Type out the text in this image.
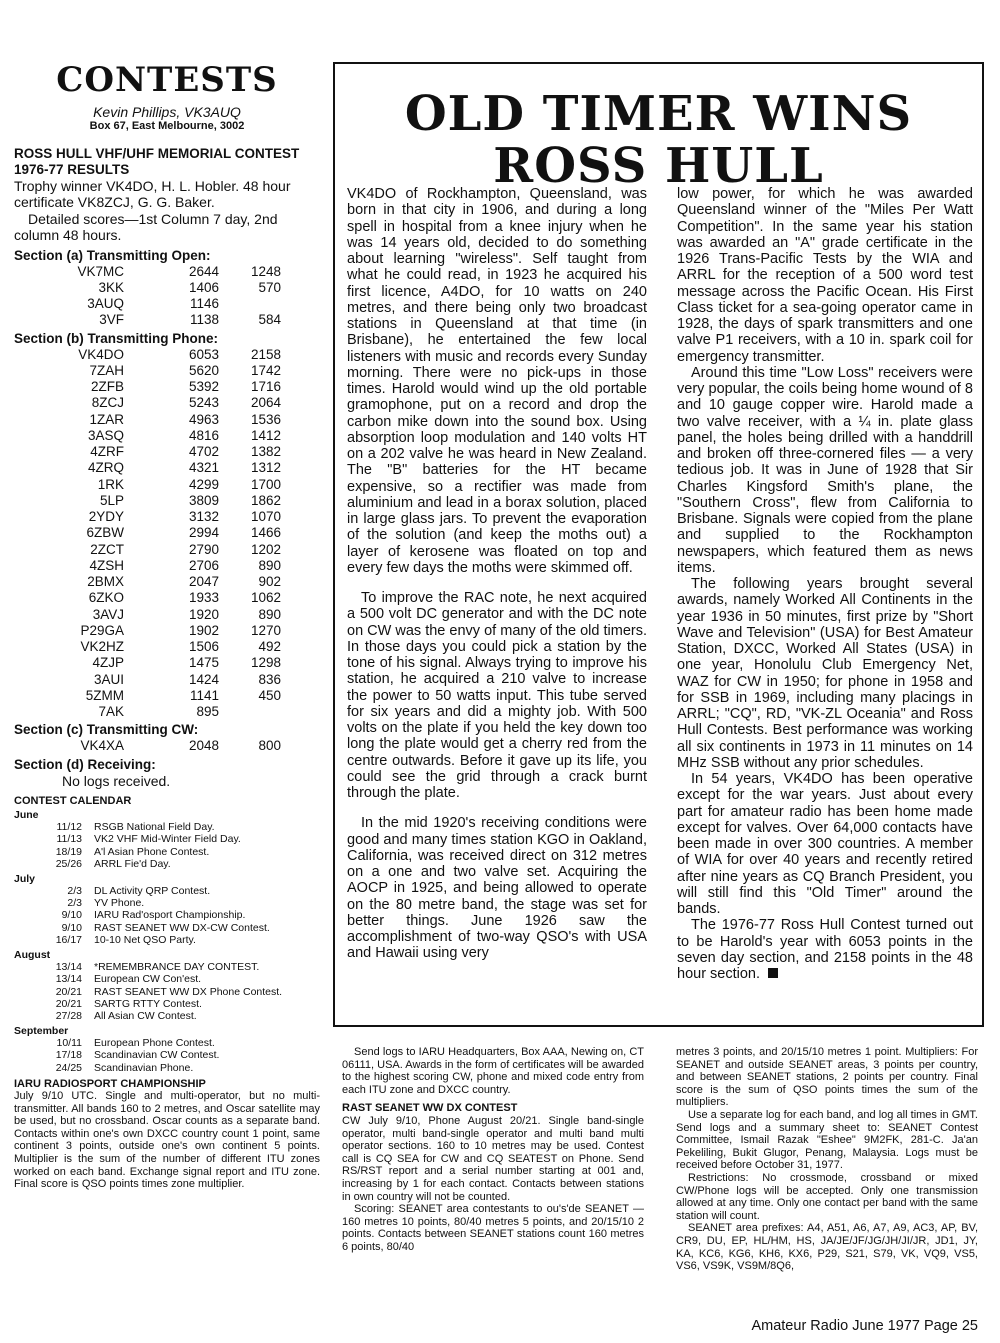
CONTESTS
Kevin Phillips, VK3AUQ
Box 67, East Melbourne, 3002
ROSS HULL VHF/UHF MEMORIAL CONTEST 1976-77 RESULTS
Trophy winner VK4DO, H. L. Hobler. 48 hour certificate VK8ZCJ, G. G. Baker.
Detailed scores—1st Column 7 day, 2nd column 48 hours.
Section (a) Transmitting Open:
VK7MC	2644	1248
3KK	1406	570
3AUQ	1146
3VF	1138	584
Section (b) Transmitting Phone:
VK4DO	6053	2158
7ZAH	5620	1742
2ZFB	5392	1716
8ZCJ	5243	2064
1ZAR	4963	1536
3ASQ	4816	1412
4ZRF	4702	1382
4ZRQ	4321	1312
1RK	4299	1700
5LP	3809	1862
2YDY	3132	1070
6ZBW	2994	1466
2ZCT	2790	1202
4ZSH	2706	890
2BMX	2047	902
6ZKO	1933	1062
3AVJ	1920	890
P29GA	1902	1270
VK2HZ	1506	492
4ZJP	1475	1298
3AUI	1424	836
5ZMM	1141	450
7AK	895
Section (c) Transmitting CW:
VK4XA	2048	800
Section (d) Receiving:
No logs received.
CONTEST CALENDAR
June
11/12	RSGB National Field Day.
11/13	VK2 VHF Mid-Winter Field Day.
18/19	A'l Asian Phone Contest.
25/26	ARRL Fie'd Day.
July
2/3	DL Activity QRP Contest.
2/3	YV Phone.
9/10	IARU Rad'osport Championship.
9/10	RAST SEANET WW DX-CW Contest.
16/17	10-10 Net QSO Party.
August
13/14	*REMEMBRANCE DAY CONTEST.
13/14	European CW Con'est.
20/21	RAST SEANET WW DX Phone Contest.
20/21	SARTG RTTY Contest.
27/28	All Asian CW Contest.
September
10/11	European Phone Contest.
17/18	Scandinavian CW Contest.
24/25	Scandinavian Phone.
IARU RADIOSPORT CHAMPIONSHIP
July 9/10 UTC. Single and multi-operator, but no multi-transmitter. All bands 160 to 2 metres, and Oscar satellite may be used, but no crossband. Oscar counts as a separate band. Contacts within one's own DXCC country count 1 point, same continent 3 points, outside one's own continent 5 points. Multiplier is the sum of the number of different ITU zones worked on each band. Exchange signal report and ITU zone. Final score is QSO points times zone multiplier.
OLD TIMER WINS
ROSS HULL

VK4DO of Rockhampton, Queensland, was born in that city in 1906, and during a long spell in hospital from a knee injury when he was 14 years old, decided to do something about learning "wireless". Self taught from what he could read, in 1923 he acquired his first licence, A4DO, for 10 watts on 240 metres, and there being only two broadcast stations in Queensland at that time (in Brisbane), he entertained the few local listeners with music and records every Sunday morning. There were no pick-ups in those times. Harold would wind up the old portable gramophone, put on a record and drop the carbon mike down into the sound box. Using absorption loop modulation and 140 volts HT on a 202 valve he was heard in New Zealand. The "B" batteries for the HT became expensive, so a rectifier was made from aluminium and lead in a borax solution, placed in large glass jars. To prevent the evaporation of the solution (and keep the moths out) a layer of kerosene was floated on top and every few days the moths were skimmed off.

To improve the RAC note, he next acquired a 500 volt DC generator and with the DC note on CW was the envy of many of the old timers. In those days you could pick a station by the tone of his signal. Always trying to improve his station, he acquired a 210 valve to increase the power to 50 watts input. This tube served for six years and did a mighty job. With 500 volts on the plate if you held the key down too long the plate would get a cherry red from the centre outwards. Before it gave up its life, you could see the grid through a crack burnt through the plate.

In the mid 1920's receiving conditions were good and many times station KGO in Oakland, California, was received direct on 312 metres on a one and two valve set. Acquiring the AOCP in 1925, and being allowed to operate on the 80 metre band, the stage was set for better things. June 1926 saw the accomplishment of two-way QSO's with USA and Hawaii using very

low power, for which he was awarded Queensland winner of the "Miles Per Watt Competition". In the same year his station was awarded an "A" grade certificate in the 1926 Trans-Pacific Tests by the WIA and ARRL for the reception of a 500 word test message across the Pacific Ocean. His First Class ticket for a sea-going operator came in 1928, the days of spark transmitters and one valve P1 receivers, with a 10 in. spark coil for emergency transmitter.

Around this time "Low Loss" receivers were very popular, the coils being home wound of 8 and 10 gauge copper wire. Harold made a two valve receiver, with a ¼ in. plate glass panel, the holes being drilled with a handdrill and broken off three-cornered files — a very tedious job. It was in June of 1928 that Sir Charles Kingsford Smith's plane, the "Southern Cross", flew from California to Brisbane. Signals were copied from the plane and supplied to the Rockhampton newspapers, which featured them as news items.

The following years brought several awards, namely Worked All Continents in the year 1936 in 50 minutes, first prize by "Short Wave and Television" (USA) for Best Amateur Station, DXCC, Worked All States (USA) in one year, Honolulu Club Emergency Net, WAZ for CW in 1950; for phone in 1958 and for SSB in 1969, including many placings in ARRL; "CQ", RD, "VK-ZL Oceania" and Ross Hull Contests. Best performance was working all six continents in 1973 in 11 minutes on 14 MHz SSB without any prior schedules.

In 54 years, VK4DO has been operative except for the war years. Just about every part for amateur radio has been home made except for valves. Over 64,000 contacts have been made in over 300 countries. A member of WIA for over 40 years and recently retired after nine years as CQ Branch President, you will still find this "Old Timer" around the bands.

The 1976-77 Ross Hull Contest turned out to be Harold's year with 6053 points in the seven day section, and 2158 points in the 48 hour section.

Send logs to IARU Headquarters, Box AAA, Newing on, CT 06111, USA. Awards in the form of certificates will be awarded to the highest scoring CW, phone and mixed code entry from each ITU zone and DXCC country.

RAST SEANET WW DX CONTEST

CW July 9/10, Phone August 20/21. Single band-single operator, multi band-single operator and multi band multi operator sections. 160 to 10 metres may be used. Contest call is CQ SEA for CW and CQ SEATEST on Phone. Send RS/RST report and a serial number starting at 001 and, increasing by 1 for each contact. Contacts between stations in own country will not be counted.

Scoring: SEANET area contestants to ou's'de SEANET — 160 metres 10 points, 80/40 metres 5 points, and 20/15/10 2 points. Contacts between SEANET stations count 160 metres 6 points, 80/40

metres 3 points, and 20/15/10 metres 1 point. Multipliers: For SEANET and outside SEANET areas, 3 points per country, and between SEANET stations, 2 points per country. Final score is the sum of QSO points times the sum of the multipliers.

Use a separate log for each band, and log all times in GMT. Send logs and a summary sheet to: SEANET Contest Committee, Ismail Razak "Eshee" 9M2FK, 281-C. Ja'an Pekeliling, Bukit Glugor, Penang, Malaysia. Logs must be received before October 31, 1977.

Restrictions: No crossmode, crossband or mixed CW/Phone logs will be accepted. Only one transmission allowed at any time. Only one contact per band with the same station will count.

SEANET area prefixes: A4, A51, A6, A7, A9, AC3, AP, BV, CR9, DU, EP, HL/HM, HS, JA/JE/JF/JG/JH/JI/JR, JD1, JY, KA, KC6, KG6, KH6, KX6, P29, S21, S79, VK, VQ9, VS5, VS6, VS9K, VS9M/8Q6,

Amateur Radio June 1977 Page 25
